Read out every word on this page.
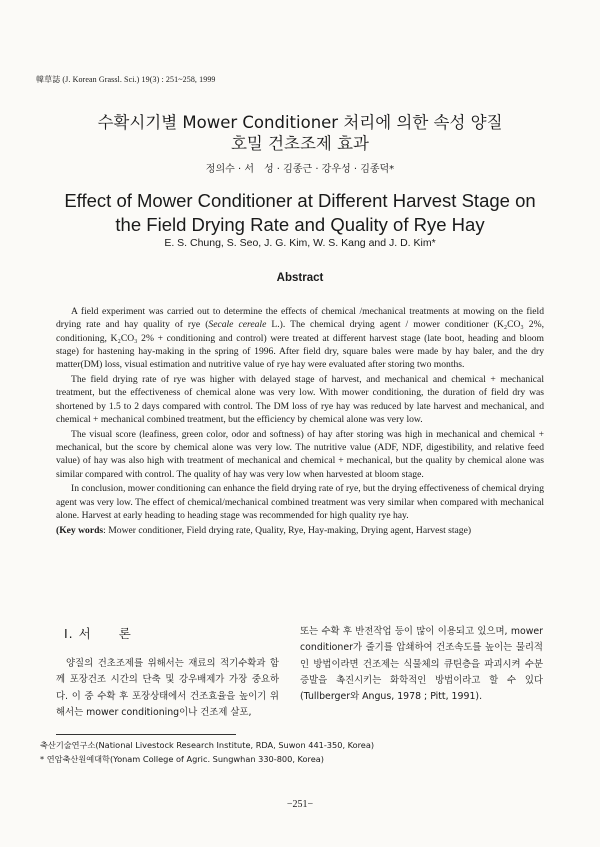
韓草誌 (J. Korean Grassl. Sci.) 19(3) : 251~258, 1999
수확시기별 Mower Conditioner 처리에 의한 속성 양질
호밀 건초조제 효과
정의수 · 서　성 · 김종근 · 강우성 · 김종덕*
Effect of Mower Conditioner at Different Harvest Stage on
the Field Drying Rate and Quality of Rye Hay
E. S. Chung, S. Seo, J. G. Kim, W. S. Kang and J. D. Kim*
Abstract

A field experiment was carried out to determine the effects of chemical /mechanical treatments at mowing on the field drying rate and hay quality of rye (Secale cereale L.). The chemical drying agent / mower conditioner (K₂CO₃ 2%, conditioning, K₂CO₃ 2% + conditioning and control) were treated at different harvest stage (late boot, heading and bloom stage) for hastening hay-making in the spring of 1996. After field dry, square bales were made by hay baler, and the dry matter(DM) loss, visual estimation and nutritive value of rye hay were evaluated after storing two months.

The field drying rate of rye was higher with delayed stage of harvest, and mechanical and chemical + mechanical treatment, but the effectiveness of chemical alone was very low. With mower conditioning, the duration of field dry was shortened by 1.5 to 2 days compared with control. The DM loss of rye hay was reduced by late harvest and mechanical, and chemical + mechanical combined treatment, but the efficiency by chemical alone was very low.

The visual score (leafiness, green color, odor and softness) of hay after storing was high in mechanical and chemical + mechanical, but the score by chemical alone was very low. The nutritive value (ADF, NDF, digestibility, and relative feed value) of hay was also high with treatment of mechanical and chemical + mechanical, but the quality by chemical alone was similar compared with control. The quality of hay was very low when harvested at bloom stage.

In conclusion, mower conditioning can enhance the field drying rate of rye, but the drying effectiveness of chemical drying agent was very low. The effect of chemical/mechanical combined treatment was very similar when compared with mechanical alone. Harvest at early heading to heading stage was recommended for high quality rye hay.

(Key words: Mower conditioner, Field drying rate, Quality, Rye, Hay-making, Drying agent, Harvest stage)

Ⅰ. 서　　론

양질의 건초조제를 위해서는 재료의 적기수확과 함께 포장건조 시간의 단축 및 강우배제가 가장 중요하다. 이 중 수확 후 포장상태에서 건조효율을 높이기 위해서는 mower conditioning이나 건조제 살포,

또는 수확 후 반전작업 등이 많이 이용되고 있으며, mower conditioner가 줄기를 압쇄하여 건조속도를 높이는 물리적인 방법이라면 건조제는 식물체의 큐틴층을 파괴시켜 수분 증발을 촉진시키는 화학적인 방법이라고 할 수 있다(Tullberger와 Angus, 1978 ; Pitt, 1991).

축산기술연구소(National Livestock Research Institute, RDA, Suwon 441-350, Korea)
* 연암축산원예대학(Yonam College of Agric. Sungwhan 330-800, Korea)
−251−
